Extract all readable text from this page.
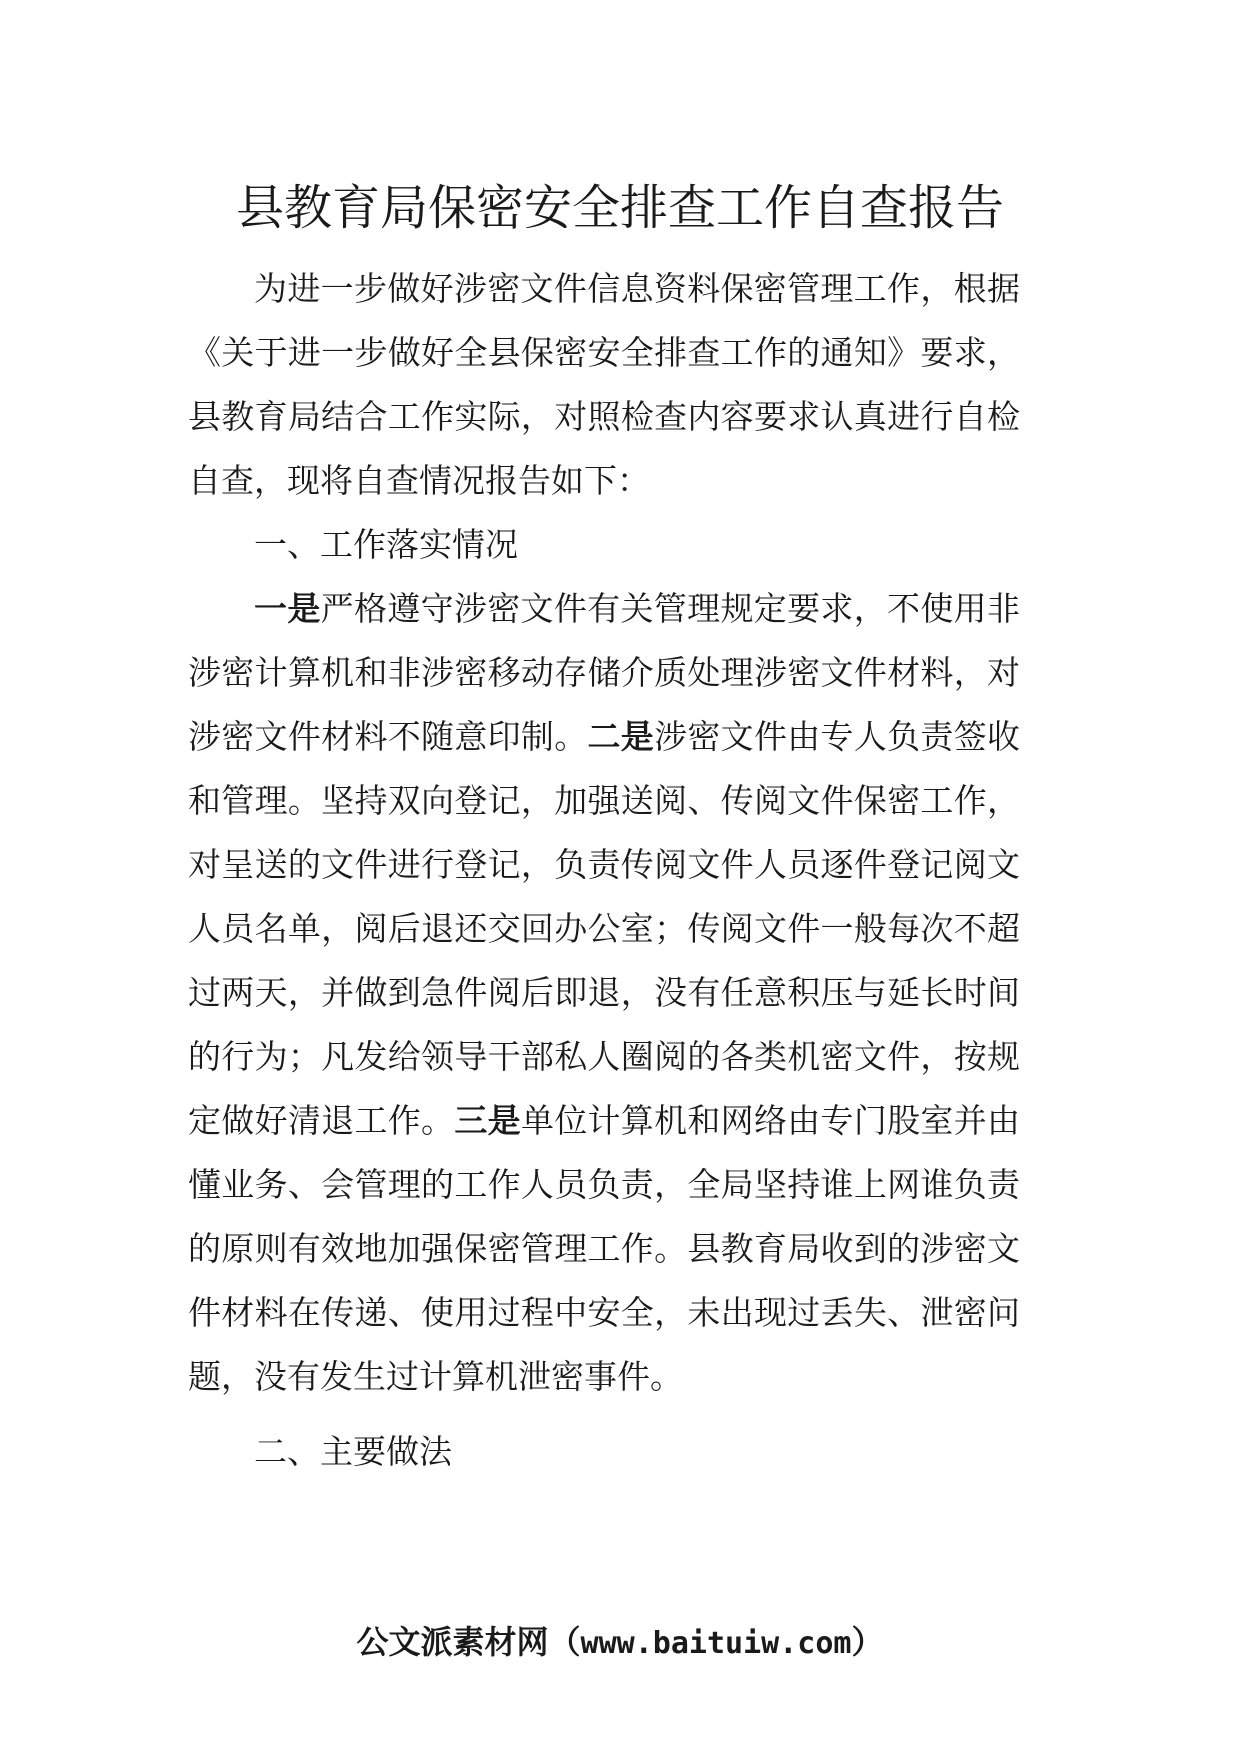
县教育局保密安全排查工作自查报告

为进一步做好涉密文件信息资料保密管理工作，根据《关于进一步做好全县保密安全排查工作的通知》要求，县教育局结合工作实际，对照检查内容要求认真进行自检自查，现将自查情况报告如下：

一、工作落实情况

一是严格遵守涉密文件有关管理规定要求，不使用非涉密计算机和非涉密移动存储介质处理涉密文件材料，对涉密文件材料不随意印制。二是涉密文件由专人负责签收和管理。坚持双向登记，加强送阅、传阅文件保密工作，对呈送的文件进行登记，负责传阅文件人员逐件登记阅文人员名单，阅后退还交回办公室；传阅文件一般每次不超过两天，并做到急件阅后即退，没有任意积压与延长时间的行为；凡发给领导干部私人圈阅的各类机密文件，按规定做好清退工作。三是单位计算机和网络由专门股室并由懂业务、会管理的工作人员负责，全局坚持谁上网谁负责的原则有效地加强保密管理工作。县教育局收到的涉密文件材料在传递、使用过程中安全，未出现过丢失、泄密问题，没有发生过计算机泄密事件。

二、主要做法

公文派素材网（www.baituiw.com）
